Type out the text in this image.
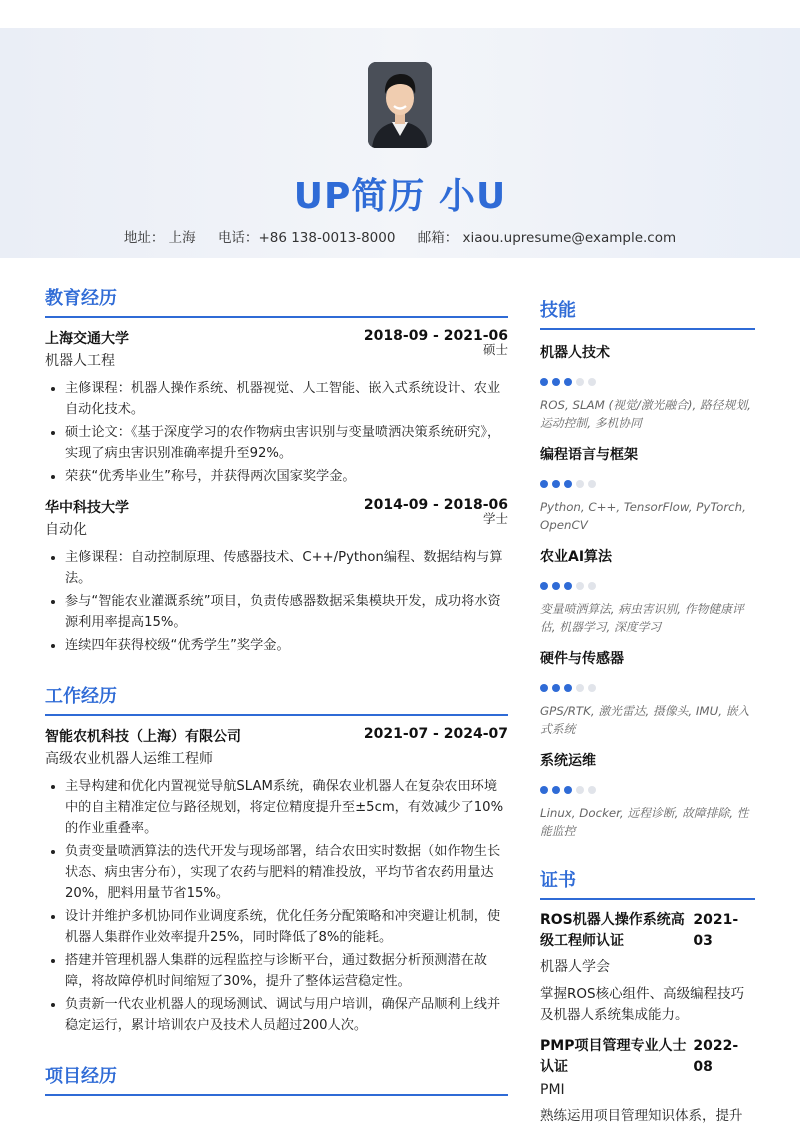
UP简历 小U
地址： 上海 电话：+86 138-0013-8000 邮箱： xiaou.upresume@example.com
教育经历
上海交通大学	2018-09 - 2021-06
机器人工程
硕士
• 主修课程：机器人操作系统、机器视觉、人工智能、嵌入式系统设计、农业自动化技术。
• 硕士论文：《基于深度学习的农作物病虫害识别与变量喷洒决策系统研究》，实现了病虫害识别准确率提升至92%。
• 荣获“优秀毕业生”称号，并获得两次国家奖学金。
华中科技大学	2014-09 - 2018-06
自动化
学士
• 主修课程：自动控制原理、传感器技术、C++/Python编程、数据结构与算法。
• 参与“智能农业灌溉系统”项目，负责传感器数据采集模块开发，成功将水资源利用率提高15%。
• 连续四年获得校级“优秀学生”奖学金。
工作经历
智能农机科技（上海）有限公司	2021-07 - 2024-07
高级农业机器人运维工程师
• 主导构建和优化内置视觉导航SLAM系统，确保农业机器人在复杂农田环境中的自主精准定位与路径规划，将定位精度提升至±5cm，有效减少了10%的作业重叠率。
• 负责变量喷洒算法的迭代开发与现场部署，结合农田实时数据（如作物生长状态、病虫害分布），实现了农药与肥料的精准投放，平均节省农药用量达20%，肥料用量节省15%。
• 设计并维护多机协同作业调度系统，优化任务分配策略和冲突避让机制，使机器人集群作业效率提升25%，同时降低了8%的能耗。
• 搭建并管理机器人集群的远程监控与诊断平台，通过数据分析预测潜在故障，将故障停机时间缩短了30%，提升了整体运营稳定性。
• 负责新一代农业机器人的现场测试、调试与用户培训，确保产品顺利上线并稳定运行，累计培训农户及技术人员超过200人次。
项目经历
技能
机器人技术
ROS, SLAM (视觉/激光融合), 路径规划, 运动控制, 多机协同
编程语言与框架
Python, C++, TensorFlow, PyTorch, OpenCV
农业AI算法
变量喷洒算法, 病虫害识别, 作物健康评估, 机器学习, 深度学习
硬件与传感器
GPS/RTK, 激光雷达, 摄像头, IMU, 嵌入式系统
系统运维
Linux, Docker, 远程诊断, 故障排除, 性能监控
证书
ROS机器人操作系统高级工程师认证
2021-03
机器人学会
掌握ROS核心组件、高级编程技巧及机器人系统集成能力。
PMP项目管理专业人士认证
2022-08
PMI
熟练运用项目管理知识体系，提升
